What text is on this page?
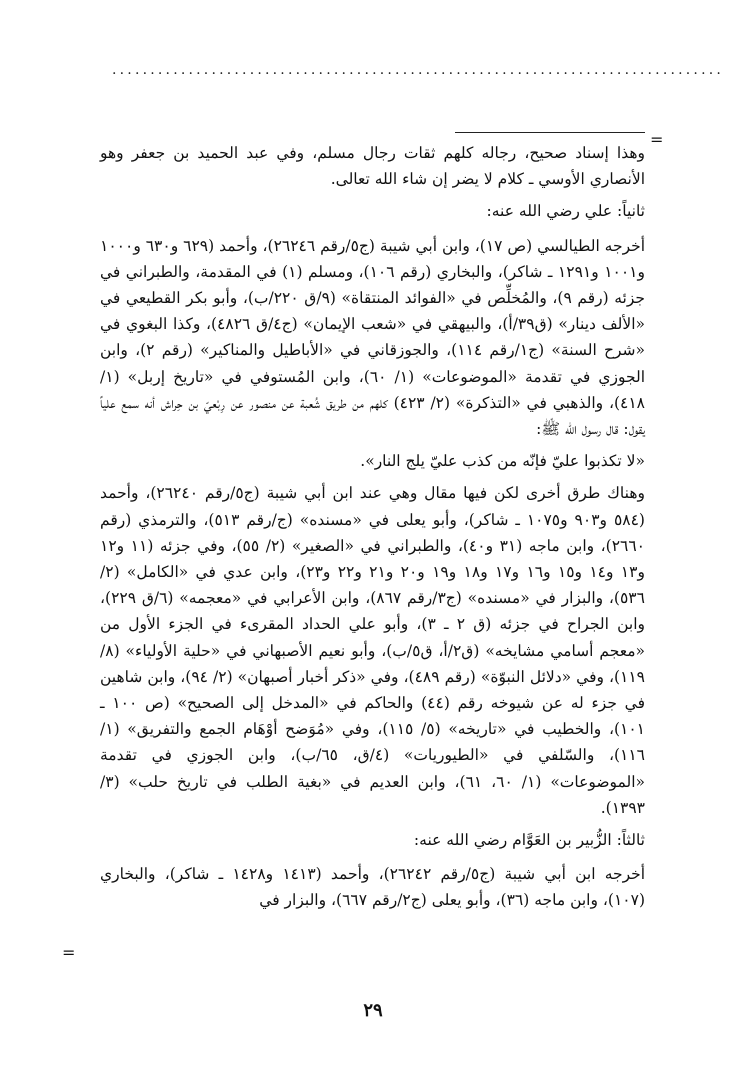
................................................................................
=

وهذا إسناد صحيح، رجاله كلهم ثقات رجال مسلم، وفي عبد الحميد بن جعفر وهو الأنصاري الأوسي ـ كلام لا يضر إن شاء الله تعالى.

ثانياً: علي رضي الله عنه:

أخرجه الطيالسي (ص ١٧)، وابن أبي شيبة (ج٥/رقم ٢٦٢٤٦)، وأحمد (٦٢٩ و٦٣٠ و١٠٠٠ و١٠٠١ و١٢٩١ ـ شاكر)، والبخاري (رقم ١٠٦)، ومسلم (١) في المقدمة، والطبراني في جزئه (رقم ٩)، والمُخلِّص في «الفوائد المنتقاة» (٩/ق ٢٢٠/ب)، وأبو بكر القطيعي في «الألف دينار» (ق٣٩/أ)، والبيهقي في «شعب الإيمان» (ج٤/ق ٤٨٢٦)، وكذا البغوي في «شرح السنة» (ج١/رقم ١١٤)، والجوزقاني في «الأباطيل والمناكير» (رقم ٢)، وابن الجوزي في تقدمة «الموضوعات» (١/ ٦٠)، وابن المُستوفي في «تاريخ إربل» (١/ ٤١٨)، والذهبي في «التذكرة» (٢/ ٤٢٣) كلهم من طريق شُعبة عن منصور عن رِبْعيّ بن حِراش أنه سمع علياً يقول: قال رسول الله ﷺ:

«لا تكذبوا عليّ فإنّه من كذب عليّ يلج النار».

وهناك طرق أخرى لكن فيها مقال وهي عند ابن أبي شيبة (ج٥/رقم ٢٦٢٤٠)، وأحمد (٥٨٤ و٩٠٣ و١٠٧٥ ـ شاكر)، وأبو يعلى في «مسنده» (ج/رقم ٥١٣)، والترمذي (رقم ٢٦٦٠)، وابن ماجه (٣١ و٤٠)، والطبراني في «الصغير» (٢/ ٥٥)، وفي جزئه (١١ و١٢ و١٣ و١٤ و١٥ و١٦ و١٧ و١٨ و١٩ و٢٠ و٢١ و٢٢ و٢٣)، وابن عدي في «الكامل» (٢/ ٥٣٦)، والبزار في «مسنده» (ج٣/رقم ٨٦٧)، وابن الأعرابي في «معجمه» (٦/ق ٢٢٩)، وابن الجراح في جزئه (ق ٢ ـ ٣)، وأبو علي الحداد المقرىء في الجزء الأول من «معجم أسامي مشايخه» (ق٢/أ، ق٥/ب)، وأبو نعيم الأصبهاني في «حلية الأولياء» (٨/ ١١٩)، وفي «دلائل النبوّة» (رقم ٤٨٩)، وفي «ذكر أخبار أصبهان» (٢/ ٩٤)، وابن شاهين في جزء له عن شيوخه رقم (٤٤) والحاكم في «المدخل إلى الصحيح» (ص ١٠٠ ـ ١٠١)، والخطيب في «تاريخه» (٥/ ١١٥)، وفي «مُوَضح أوْهَام الجمع والتفريق» (١/ ١١٦)، والسّلفي في «الطيوريات» (٤/ق، ٦٥/ب)، وابن الجوزي في تقدمة «الموضوعات» (١/ ٦٠، ٦١)، وابن العديم في «بغية الطلب في تاريخ حلب» (٣/ ١٣٩٣).

ثالثاً: الزُّبير بن العَوَّام رضي الله عنه:

أخرجه ابن أبي شيبة (ج٥/رقم ٢٦٢٤٢)، وأحمد (١٤١٣ و١٤٢٨ ـ شاكر)، والبخاري (١٠٧)، وابن ماجه (٣٦)، وأبو يعلى (ج٢/رقم ٦٦٧)، والبزار في

=
٢٩
